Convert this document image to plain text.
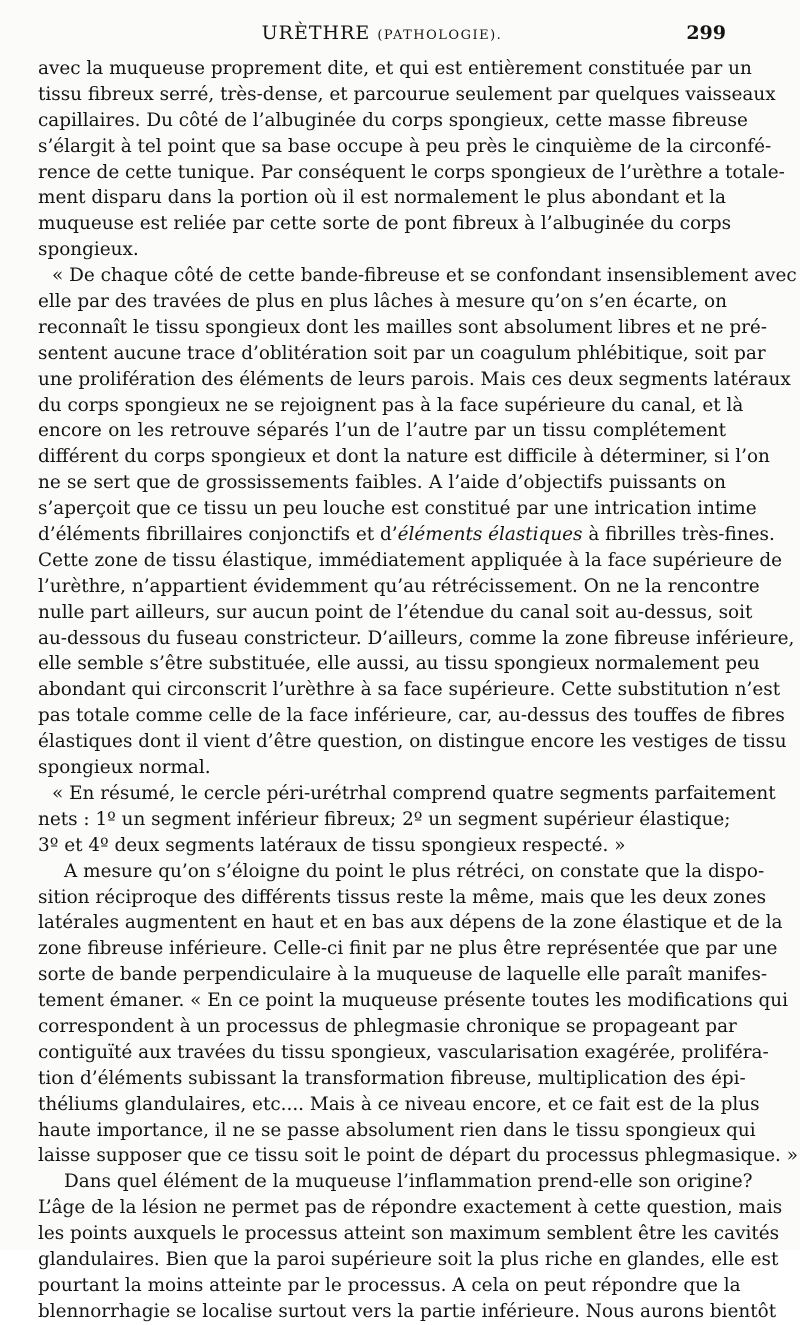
URÈTHRE (PATHOLOGIE).	299
avec la muqueuse proprement dite, et qui est entièrement constituée par un
tissu fibreux serré, très-dense, et parcourue seulement par quelques vaisseaux
capillaires. Du côté de l’albuginée du corps spongieux, cette masse fibreuse
s’élargit à tel point que sa base occupe à peu près le cinquième de la circonfé-
rence de cette tunique. Par conséquent le corps spongieux de l’urèthre a totale-
ment disparu dans la portion où il est normalement le plus abondant et la
muqueuse est reliée par cette sorte de pont fibreux à l’albuginée du corps
spongieux.
« De chaque côté de cette bande-fibreuse et se confondant insensiblement avec
elle par des travées de plus en plus lâches à mesure qu’on s’en écarte, on
reconnaît le tissu spongieux dont les mailles sont absolument libres et ne pré-
sentent aucune trace d’oblitération soit par un coagulum phlébitique, soit par
une prolifération des éléments de leurs parois. Mais ces deux segments latéraux
du corps spongieux ne se rejoignent pas à la face supérieure du canal, et là
encore on les retrouve séparés l’un de l’autre par un tissu complétement
différent du corps spongieux et dont la nature est difficile à déterminer, si l’on
ne se sert que de grossissements faibles. A l’aide d’objectifs puissants on
s’aperçoit que ce tissu un peu louche est constitué par une intrication intime
d’éléments fibrillaires conjonctifs et d’éléments élastiques à fibrilles très-fines.
Cette zone de tissu élastique, immédiatement appliquée à la face supérieure de
l’urèthre, n’appartient évidemment qu’au rétrécissement. On ne la rencontre
nulle part ailleurs, sur aucun point de l’étendue du canal soit au-dessus, soit
au-dessous du fuseau constricteur. D’ailleurs, comme la zone fibreuse inférieure,
elle semble s’être substituée, elle aussi, au tissu spongieux normalement peu
abondant qui circonscrit l’urèthre à sa face supérieure. Cette substitution n’est
pas totale comme celle de la face inférieure, car, au-dessus des touffes de fibres
élastiques dont il vient d’être question, on distingue encore les vestiges de tissu
spongieux normal.
« En résumé, le cercle péri-urétrhal comprend quatre segments parfaitement
nets : 1º un segment inférieur fibreux; 2º un segment supérieur élastique;
3º et 4º deux segments latéraux de tissu spongieux respecté. »
A mesure qu’on s’éloigne du point le plus rétréci, on constate que la dispo-
sition réciproque des différents tissus reste la même, mais que les deux zones
latérales augmentent en haut et en bas aux dépens de la zone élastique et de la
zone fibreuse inférieure. Celle-ci finit par ne plus être représentée que par une
sorte de bande perpendiculaire à la muqueuse de laquelle elle paraît manifes-
tement émaner. « En ce point la muqueuse présente toutes les modifications qui
correspondent à un processus de phlegmasie chronique se propageant par
contiguïté aux travées du tissu spongieux, vascularisation exagérée, proliféra-
tion d’éléments subissant la transformation fibreuse, multiplication des épi-
théliums glandulaires, etc.... Mais à ce niveau encore, et ce fait est de la plus
haute importance, il ne se passe absolument rien dans le tissu spongieux qui
laisse supposer que ce tissu soit le point de départ du processus phlegmasique. »
Dans quel élément de la muqueuse l’inflammation prend-elle son origine?
L’âge de la lésion ne permet pas de répondre exactement à cette question, mais
les points auxquels le processus atteint son maximum semblent être les cavités
glandulaires. Bien que la paroi supérieure soit la plus riche en glandes, elle est
pourtant la moins atteinte par le processus. A cela on peut répondre que la
blennorrhagie se localise surtout vers la partie inférieure. Nous aurons bientôt
